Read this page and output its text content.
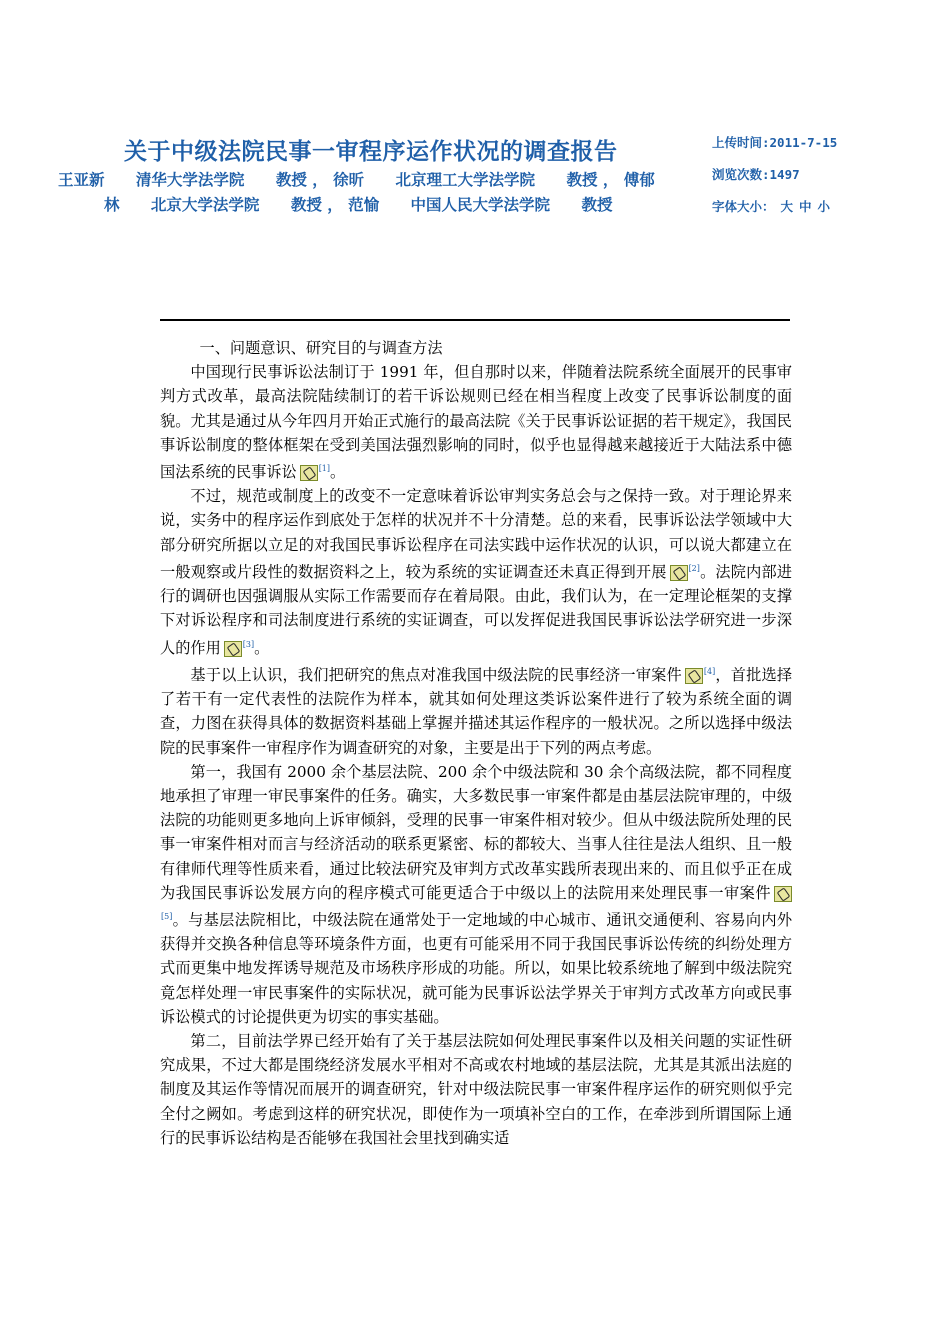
关于中级法院民事一审程序运作状况的调查报告
王亚新 清华大学法学院 教授 ， 徐昕 北京理工大学法学院 教授 ， 傅郁
林 北京大学法学院 教授 ， 范愉 中国人民大学法学院 教授
上传时间:2011-7-15
浏览次数:1497
字体大小： 大 中 小

一、问题意识、研究目的与调查方法

中国现行民事诉讼法制订于 1991 年，但自那时以来，伴随着法院系统全面展开的民事审判方式改革，最高法院陆续制订的若干诉讼规则已经在相当程度上改变了民事诉讼制度的面貌。尤其是通过从今年四月开始正式施行的最高法院《关于民事诉讼证据的若干规定》，我国民事诉讼制度的整体框架在受到美国法强烈影响的同时，似乎也显得越来越接近于大陆法系中德国法系统的民事诉讼	[1]。

不过，规范或制度上的改变不一定意味着诉讼审判实务总会与之保持一致。对于理论界来说，实务中的程序运作到底处于怎样的状况并不十分清楚。总的来看，民事诉讼法学领域中大部分研究所据以立足的对我国民事诉讼程序在司法实践中运作状况的认识，可以说大都建立在一般观察或片段性的数据资料之上，较为系统的实证调查还未真正得到开展	[2]。法院内部进行的调研也因强调服从实际工作需要而存在着局限。由此，我们认为，在一定理论框架的支撑下对诉讼程序和司法制度进行系统的实证调查，可以发挥促进我国民事诉讼法学研究进一步深人的作用	[3]。

基于以上认识，我们把研究的焦点对准我国中级法院的民事经济一审案件	[4]，首批选择了若干有一定代表性的法院作为样本，就其如何处理这类诉讼案件进行了较为系统全面的调查，力图在获得具体的数据资料基础上掌握并描述其运作程序的一般状况。之所以选择中级法院的民事案件一审程序作为调查研究的对象，主要是出于下列的两点考虑。

第一，我国有 2000 余个基层法院、200 余个中级法院和 30 余个高级法院，都不同程度地承担了审理一审民事案件的任务。确实，大多数民事一审案件都是由基层法院审理的，中级法院的功能则更多地向上诉审倾斜，受理的民事一审案件相对较少。但从中级法院所处理的民事一审案件相对而言与经济活动的联系更紧密、标的都较大、当事人往往是法人组织、且一般有律师代理等性质来看，通过比较法研究及审判方式改革实践所表现出来的、而且似乎正在成为我国民事诉讼发展方向的程序模式可能更适合于中级以上的法院用来处理民事一审案件[5]。与基层法院相比，中级法院在通常处于一定地域的中心城市、通讯交通便利、容易向内外获得并交换各种信息等环境条件方面，也更有可能采用不同于我国民事诉讼传统的纠纷处理方式而更集中地发挥诱导规范及市场秩序形成的功能。所以，如果比较系统地了解到中级法院究竟怎样处理一审民事案件的实际状况，就可能为民事诉讼法学界关于审判方式改革方向或民事诉讼模式的讨论提供更为切实的事实基础。

第二，目前法学界已经开始有了关于基层法院如何处理民事案件以及相关问题的实证性研究成果，不过大都是围绕经济发展水平相对不高或农村地域的基层法院，尤其是其派出法庭的制度及其运作等情况而展开的调查研究，针对中级法院民事一审案件程序运作的研究则似乎完全付之阙如。考虑到这样的研究状况，即使作为一项填补空白的工作，在牵涉到所谓国际上通行的民事诉讼结构是否能够在我国社会里找到确实适
